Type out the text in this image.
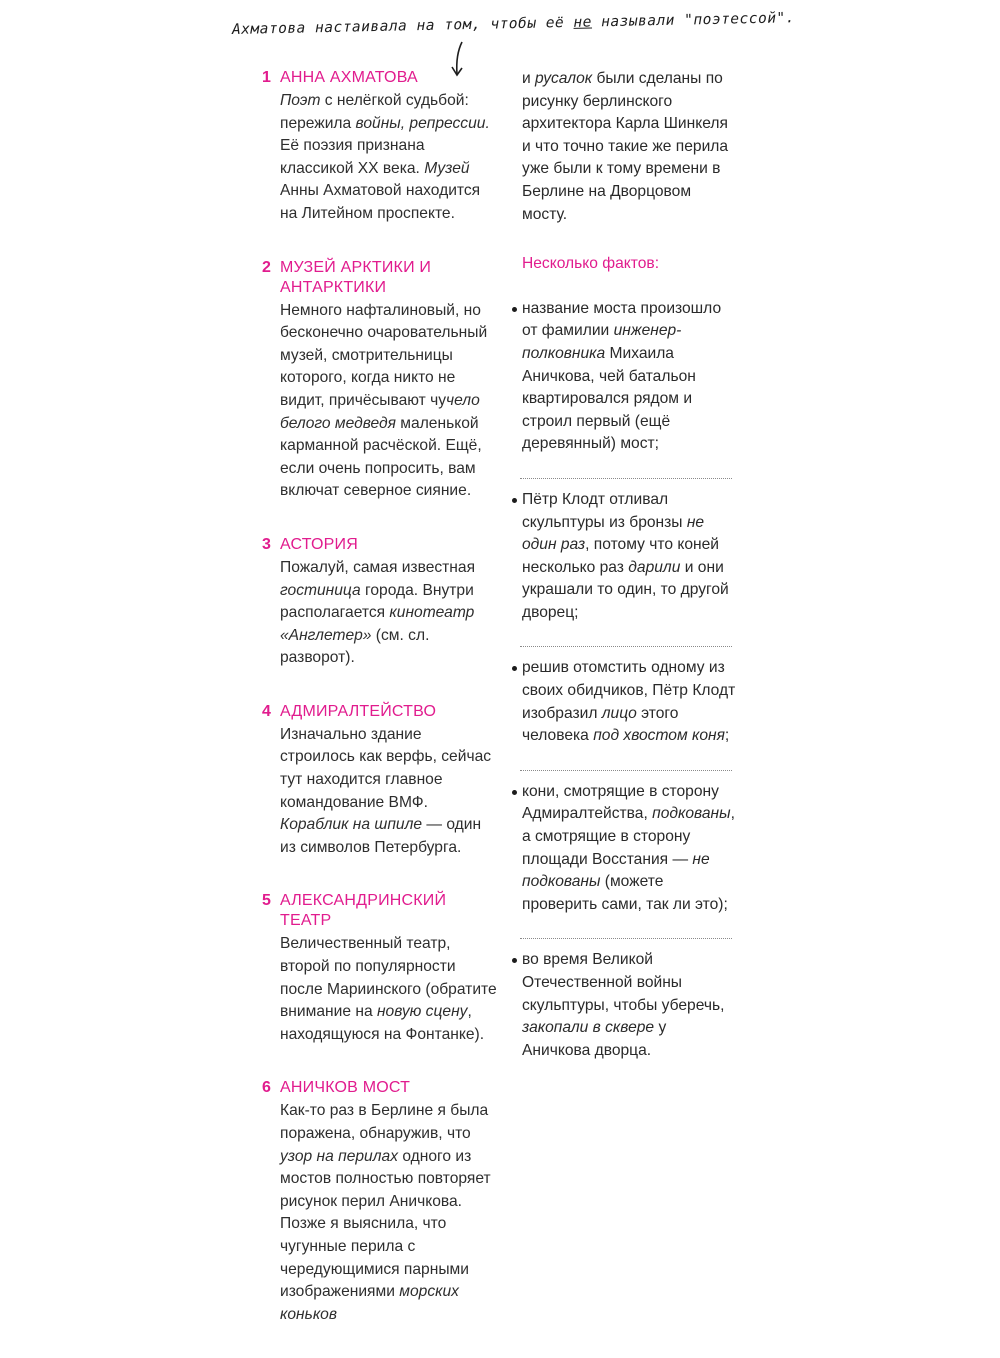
Ахматова настаивала на том, чтобы её не называли "поэтессой".
1 АННА АХМАТОВА
Поэт с нелёгкой судьбой: пережила войны, репрессии. Её поэзия признана классикой ХХ века. Музей Анны Ахматовой находится на Литейном проспекте.
2 МУЗЕЙ АРКТИКИ И АНТАРКТИКИ
Немного нафталиновый, но бесконечно очаровательный музей, смотрительницы которого, когда никто не видит, причёсывают чучело белого медведя маленькой карманной расчёской. Ещё, если очень попросить, вам включат северное сияние.
3 АСТОРИЯ
Пожалуй, самая известная гостиница города. Внутри располагается кинотеатр «Англетер» (см. сл. разворот).
4 АДМИРАЛТЕЙСТВО
Изначально здание строилось как верфь, сейчас тут находится главное командование ВМФ. Кораблик на шпиле — один из символов Петербурга.
5 АЛЕКСАНДРИНСКИЙ ТЕАТР
Величественный театр, второй по популярности после Мариинского (обратите внимание на новую сцену, находящуюся на Фонтанке).
6 АНИЧКОВ МОСТ
Как-то раз в Берлине я была поражена, обнаружив, что узор на перилах одного из мостов полностью повторяет рисунок перил Аничкова. Позже я выяснила, что чугунные перила с чередующимися парными изображениями морских коньков
и русалок были сделаны по рисунку берлинского архитектора Карла Шинкеля и что точно такие же перила уже были к тому времени в Берлине на Дворцовом мосту.
Несколько фактов:
название моста произошло от фамилии инженер-полковника Михаила Аничкова, чей батальон квартировался рядом и строил первый (ещё деревянный) мост;
Пётр Клодт отливал скульптуры из бронзы не один раз, потому что коней несколько раз дарили и они украшали то один, то другой дворец;
решив отомстить одному из своих обидчиков, Пётр Клодт изобразил лицо этого человека под хвостом коня;
кони, смотрящие в сторону Адмиралтейства, подкованы, а смотрящие в сторону площади Восстания — не подкованы (можете проверить сами, так ли это);
во время Великой Отечественной войны скульптуры, чтобы уберечь, закопали в сквере у Аничкова дворца.
